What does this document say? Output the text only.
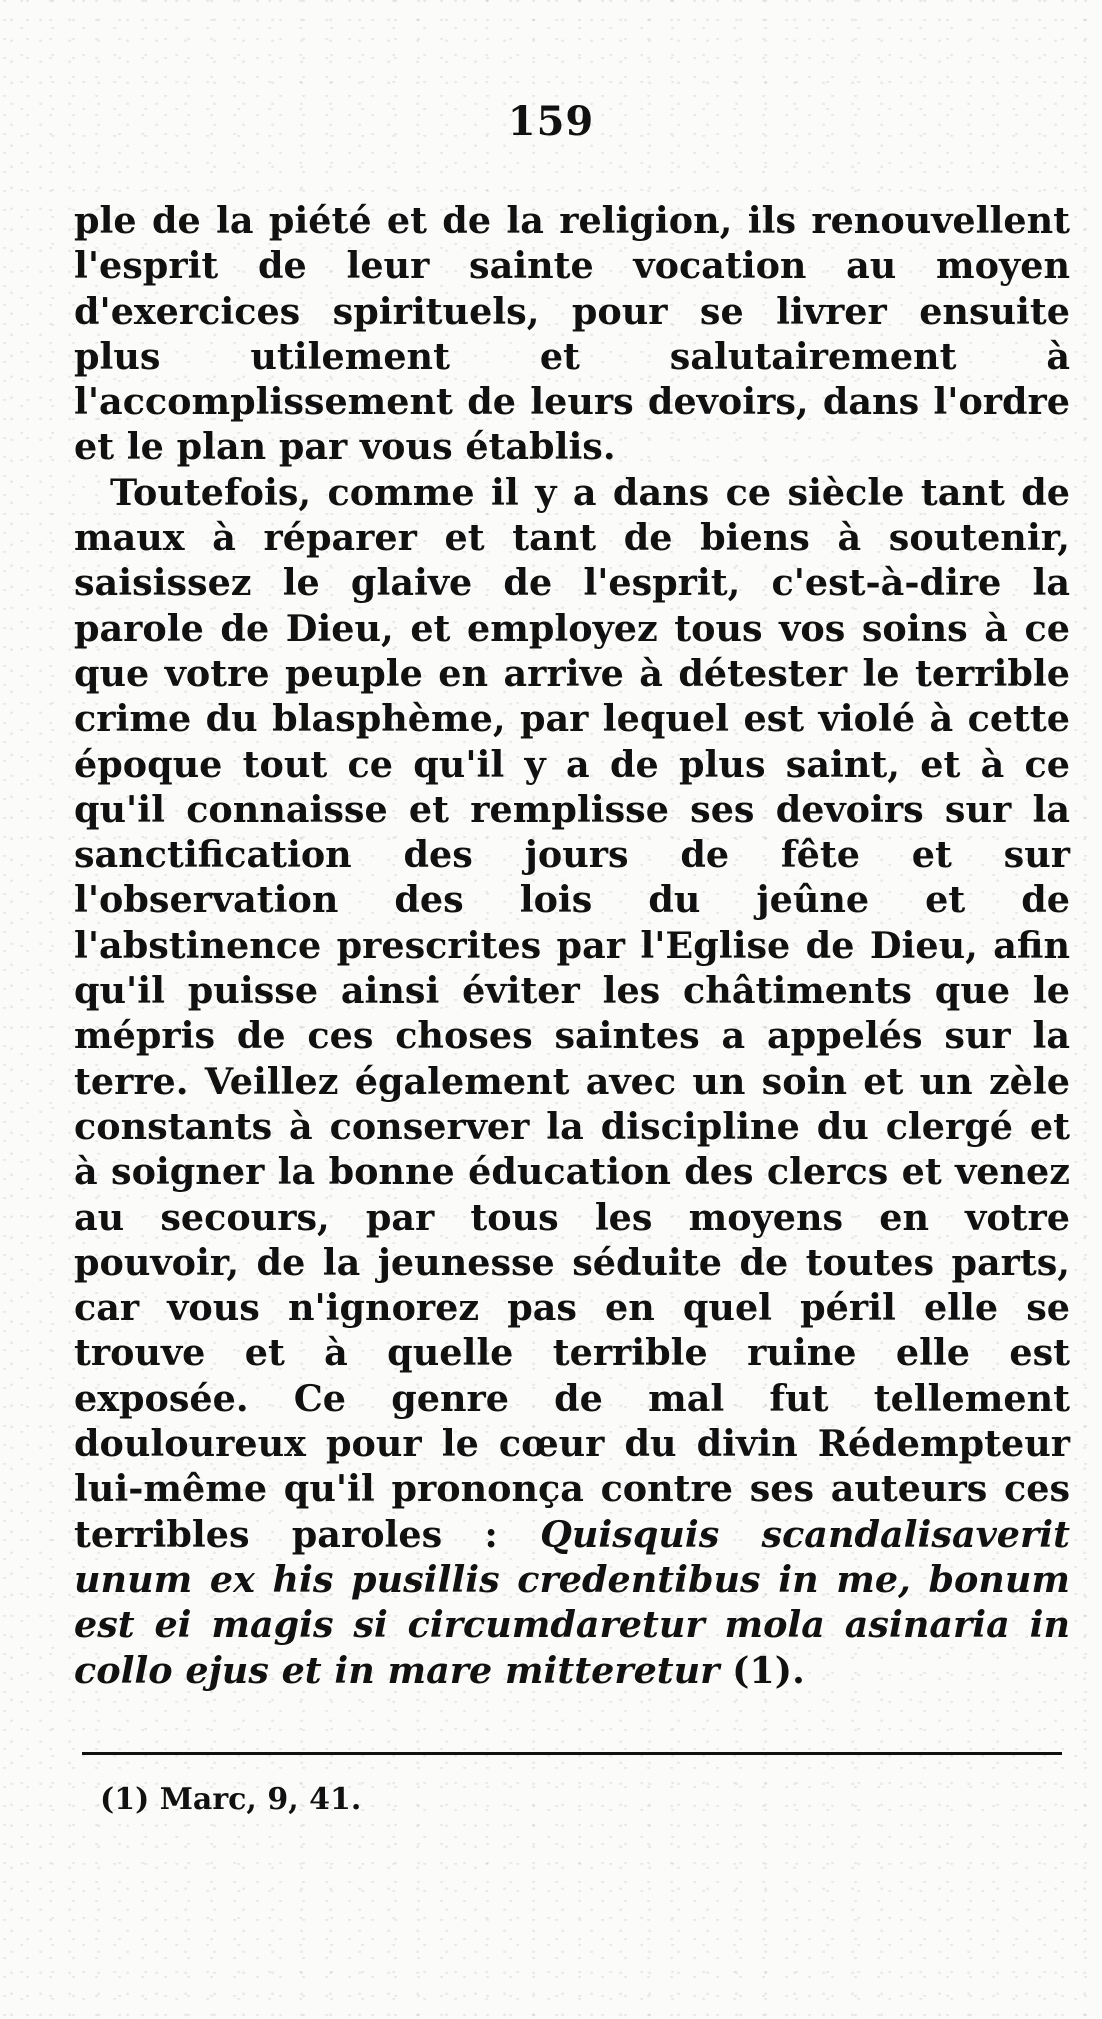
159

ple de la piété et de la religion, ils renouvellent l'esprit de leur sainte vocation au moyen d'exercices spirituels, pour se livrer ensuite plus utilement et salutairement à l'accomplissement de leurs devoirs, dans l'ordre et le plan par vous établis.

Toutefois, comme il y a dans ce siècle tant de maux à réparer et tant de biens à soutenir, saisissez le glaive de l'esprit, c'est-à-dire la parole de Dieu, et employez tous vos soins à ce que votre peuple en arrive à détester le terrible crime du blasphème, par lequel est violé à cette époque tout ce qu'il y a de plus saint, et à ce qu'il connaisse et remplisse ses devoirs sur la sanctification des jours de fête et sur l'observation des lois du jeûne et de l'abstinence prescrites par l'Eglise de Dieu, afin qu'il puisse ainsi éviter les châtiments que le mépris de ces choses saintes a appelés sur la terre. Veillez également avec un soin et un zèle constants à conserver la discipline du clergé et à soigner la bonne éducation des clercs et venez au secours, par tous les moyens en votre pouvoir, de la jeunesse séduite de toutes parts, car vous n'ignorez pas en quel péril elle se trouve et à quelle terrible ruine elle est exposée. Ce genre de mal fut tellement douloureux pour le cœur du divin Rédempteur lui-même qu'il prononça contre ses auteurs ces terribles paroles : Quisquis scandalisaverit unum ex his pusillis credentibus in me, bonum est ei magis si circumdaretur mola asinaria in collo ejus et in mare mitteretur (1).

(1) Marc, 9, 41.
